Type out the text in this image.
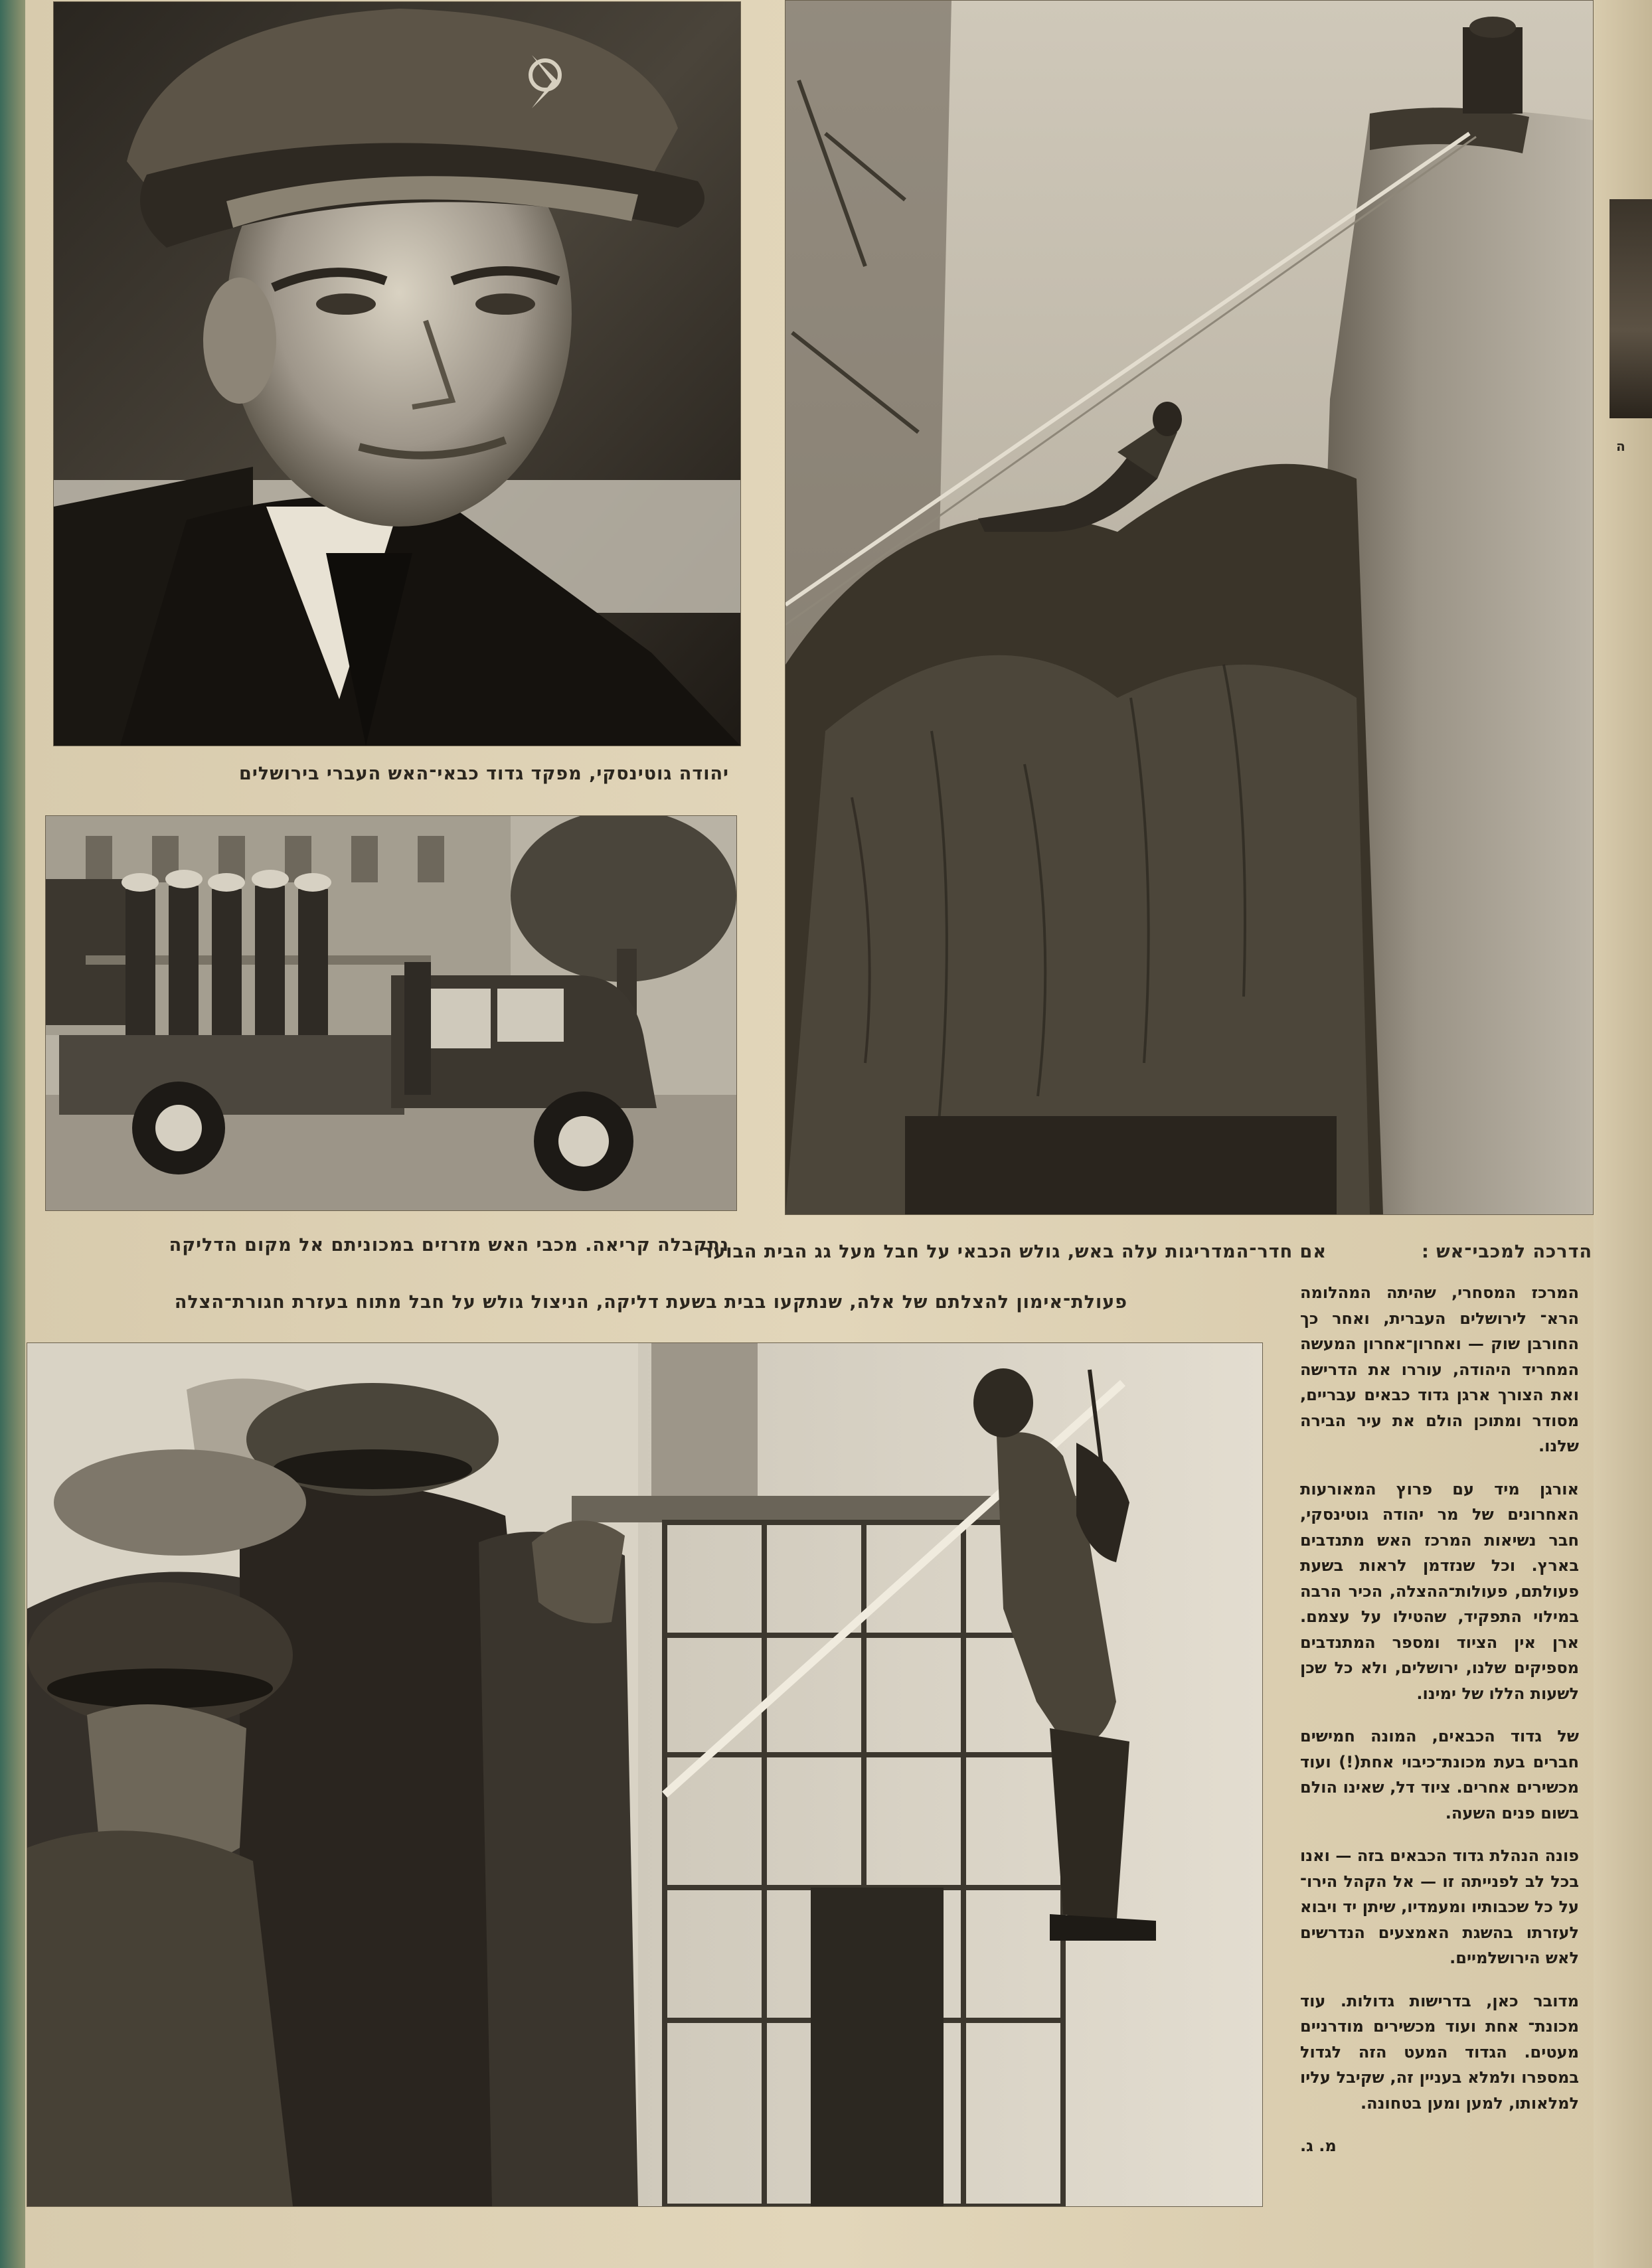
יהודה גוטינסקי, מפקד גדוד כבאי־האש העברי בירושלים
נתקבלה קריאה. מכבי האש מזרזים במכוניתם אל מקום הדליקה
אם חדר־המדריגות עלה באש, גולש הכבאי על חבל מעל גג הבית הבוער	הדרכה למכבי־אש :
פעולת־אימון להצלתם של אלה, שנתקעו בבית בשעת דליקה, הניצול גולש על חבל מתוח בעזרת חגורת־הצלה	המרכז המסחרי, שהיתה המהלומה הרא־ לירושלים העברית, ואחר כך החורבן שוק — ואחרון־אחרון המעשה המחריד היהודה, עוררו את הדרישה ואת הצורך ארגן גדוד כבאים עבריים, מסודר ומתוכן הולם את עיר הבירה שלנו.

אורגן מיד עם פרוץ המאורעות האחרונים של מר יהודה גוטינסקי, חבר נשיאות המרכז האש מתנדבים בארץ. וכל שנזדמן לראות בשעת פעולתם, פעולות־ההצלה, הכיר הרבה במילוי התפקיד, שהטילו על עצמם. ארן אין הציוד ומספר המתנדבים מספיקים שלנו, ירושלים, ולא כל שכן לשעות הללו של ימינו.

של גדוד הכבאים, המונה חמישים חברים בעת מכונת־כיבוי אחת(!) ועוד מכשירים אחרים. ציוד דל, שאינו הולם בשום פנים השעה.

פונה הנהלת גדוד הכבאים בזה — ואנו בכל לב לפנייתה זו — אל הקהל הירו־ על כל שכבותיו ומעמדיו, שיתן יד ויבוא לעזרתו בהשגת האמצעים הנדרשים לאש הירושלמיים.

מדובר כאן, בדרישות גדולות. עוד מכונת־ אחת ועוד מכשירים מודרניים מעטים. הגדוד המעט הזה לגדול במספרו ולמלא בעניין זה, שקיבל עליו למלאותו, למען ומען בטחונה.

מ. ג.
ה
